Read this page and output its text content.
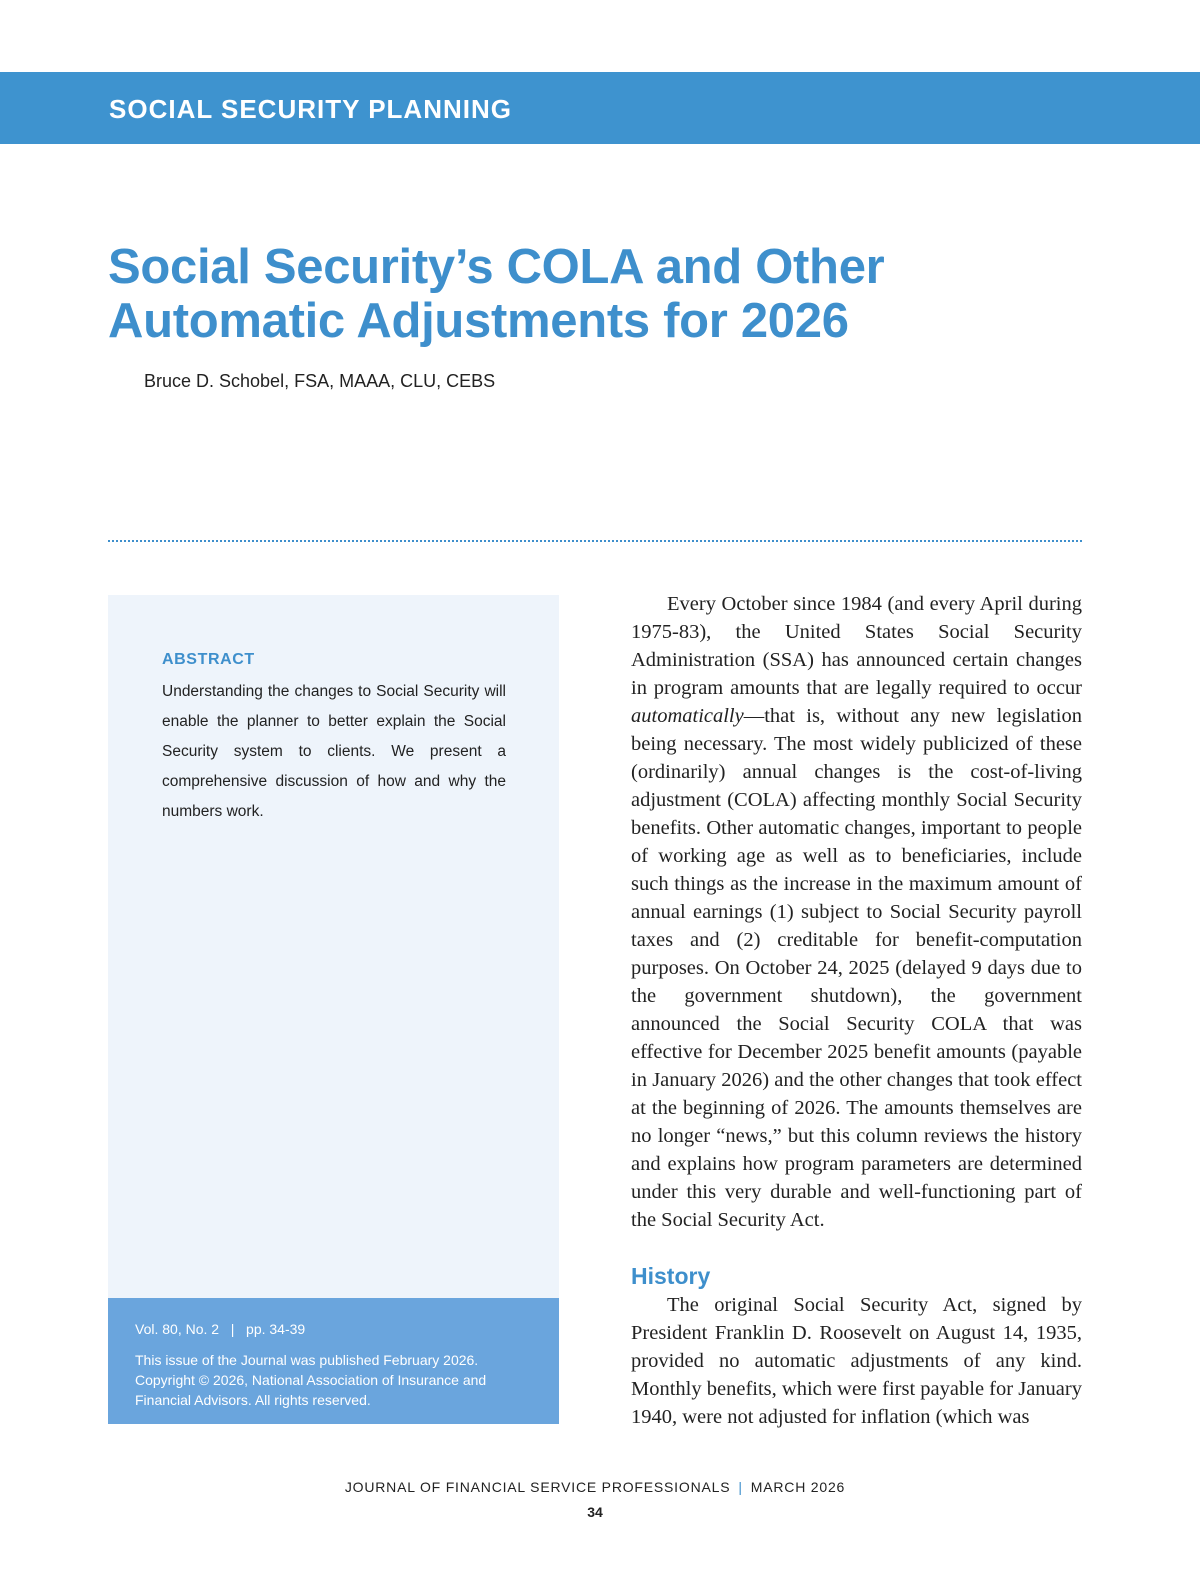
SOCIAL SECURITY PLANNING

Social Security’s COLA and Other Automatic Adjustments for 2026

Bruce D. Schobel, FSA, MAAA, CLU, CEBS

ABSTRACT

Understanding the changes to Social Security will enable the planner to better explain the Social Security system to clients. We present a comprehensive discussion of how and why the numbers work.

Vol. 80, No. 2 | pp. 34-39

This issue of the Journal was published February 2026. Copyright © 2026, National Association of Insurance and Financial Advisors. All rights reserved.

Every October since 1984 (and every April during 1975-83), the United States Social Security Administration (SSA) has announced certain changes in program amounts that are legally required to occur automatically—that is, without any new legislation being necessary. The most widely publicized of these (ordinarily) annual changes is the cost-of-living adjustment (COLA) affecting monthly Social Security benefits. Other automatic changes, important to people of working age as well as to beneficiaries, include such things as the increase in the maximum amount of annual earnings (1) subject to Social Security payroll taxes and (2) creditable for benefit-computation purposes. On October 24, 2025 (delayed 9 days due to the government shutdown), the government announced the Social Security COLA that was effective for December 2025 benefit amounts (payable in January 2026) and the other changes that took effect at the beginning of 2026. The amounts themselves are no longer “news,” but this column reviews the history and explains how program parameters are determined under this very durable and well-functioning part of the Social Security Act.

History

The original Social Security Act, signed by President Franklin D. Roosevelt on August 14, 1935, provided no automatic adjustments of any kind. Monthly benefits, which were first payable for January 1940, were not adjusted for inflation (which was

JOURNAL OF FINANCIAL SERVICE PROFESSIONALS | MARCH 2026

34
